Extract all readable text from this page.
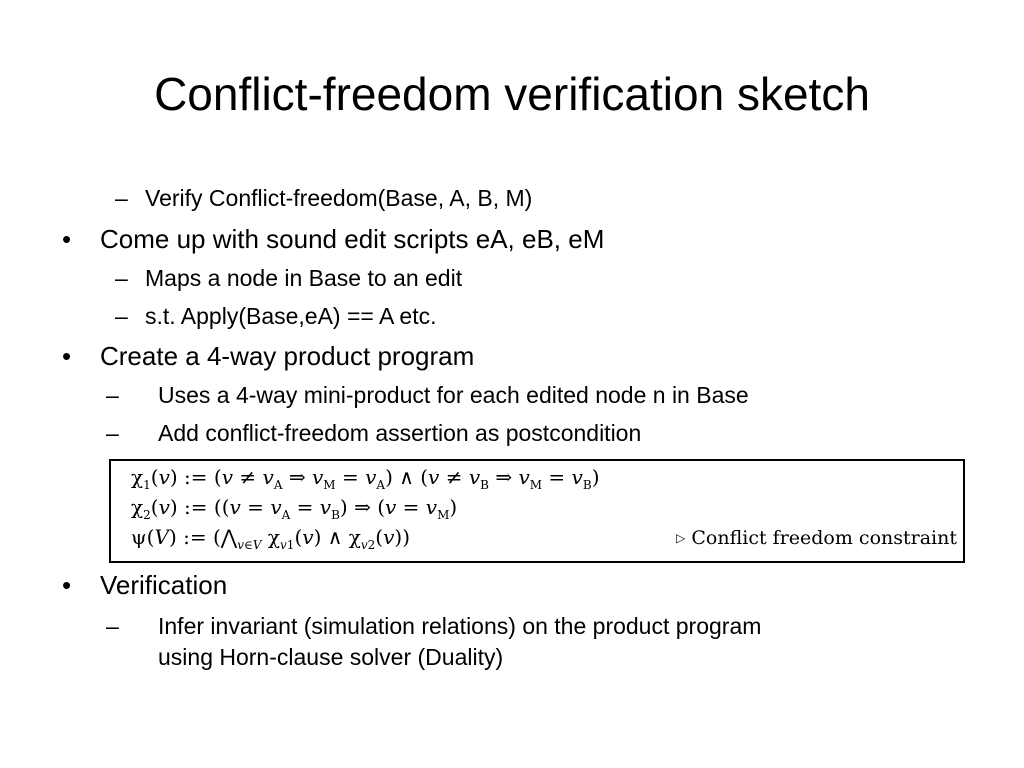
Conflict-freedom verification sketch
– Verify Conflict-freedom(Base, A, B, M)
• Come up with sound edit scripts eA, eB, eM
– Maps a node in Base to an edit
– s.t. Apply(Base,eA) == A etc.
• Create a 4-way product program
– Uses a 4-way mini-product for each edited node n in Base
– Add conflict-freedom assertion as postcondition
$\chi_1(v)$ := ($v \ne v_A$ ⇒ $v_M = v_A$) ∧ ($v \ne v_B$ ⇒ $v_M = v_B$)
$\chi_2(v)$ := ($(v = v_A = v_B)$ ⇒ $(v = v_M)$
ψ(V) := ($⋀_{v\in V}$ $\chi_{v1}(v)$ ∧ $\chi_{v2}(v)$)	▷ Conflict freedom constraint
• Verification
– Infer invariant (simulation relations) on the product program
using Horn-clause solver (Duality)
